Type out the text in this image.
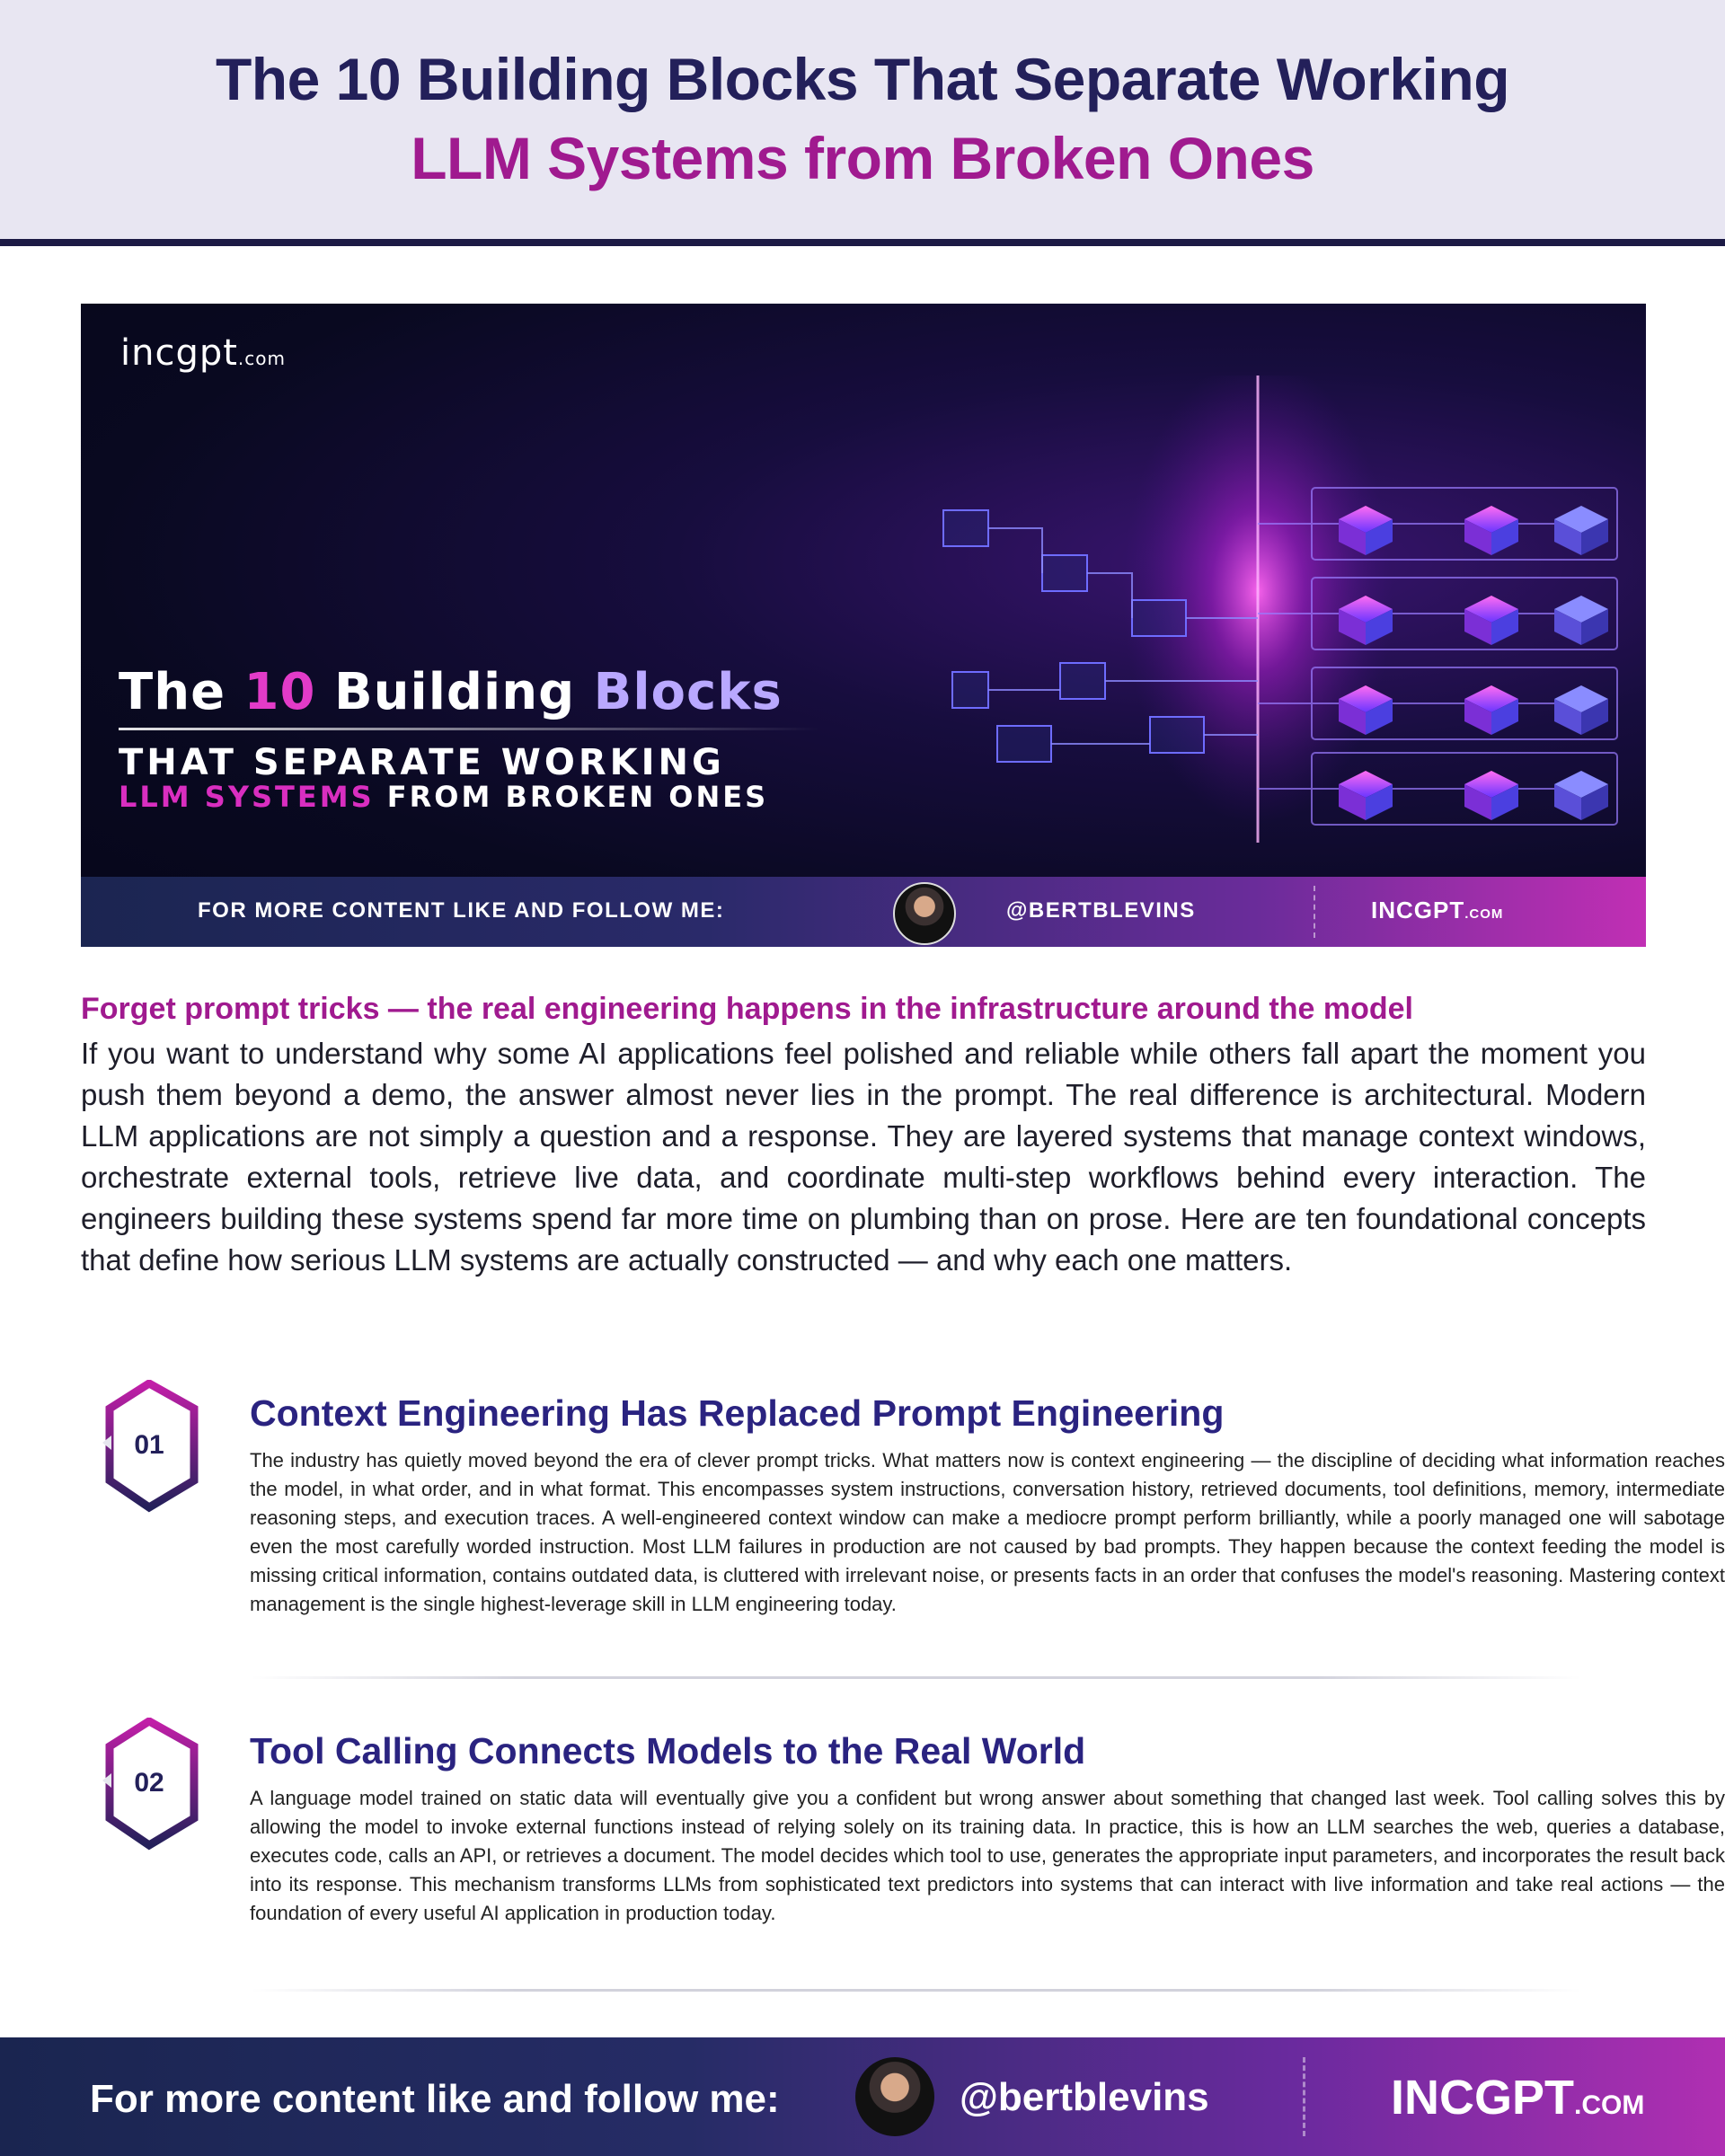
The 10 Building Blocks That Separate Working
LLM Systems from Broken Ones
incgpt.com
The 10 Building Blocks
THAT SEPARATE WORKING
LLM SYSTEMS FROM BROKEN ONES
FOR MORE CONTENT LIKE AND FOLLOW ME:	@BERTBLEVINS	INCGPT.COM
Forget prompt tricks — the real engineering happens in the infrastructure around the model
If you want to understand why some AI applications feel polished and reliable while others fall apart the moment you push them beyond a demo, the answer almost never lies in the prompt. The real difference is architectural. Modern LLM applications are not simply a question and a response. They are layered systems that manage context windows, orchestrate external tools, retrieve live data, and coordinate multi-step workflows behind every interaction. The engineers building these systems spend far more time on plumbing than on prose. Here are ten foundational concepts that define how serious LLM systems are actually constructed — and why each one matters.
01
Context Engineering Has Replaced Prompt Engineering
The industry has quietly moved beyond the era of clever prompt tricks. What matters now is context engineering — the discipline of deciding what information reaches the model, in what order, and in what format. This encompasses system instructions, conversation history, retrieved documents, tool definitions, memory, intermediate reasoning steps, and execution traces. A well-engineered context window can make a mediocre prompt perform brilliantly, while a poorly managed one will sabotage even the most carefully worded instruction. Most LLM failures in production are not caused by bad prompts. They happen because the context feeding the model is missing critical information, contains outdated data, is cluttered with irrelevant noise, or presents facts in an order that confuses the model's reasoning. Mastering context management is the single highest-leverage skill in LLM engineering today.
02
Tool Calling Connects Models to the Real World
A language model trained on static data will eventually give you a confident but wrong answer about something that changed last week. Tool calling solves this by allowing the model to invoke external functions instead of relying solely on its training data. In practice, this is how an LLM searches the web, queries a database, executes code, calls an API, or retrieves a document. The model decides which tool to use, generates the appropriate input parameters, and incorporates the result back into its response. This mechanism transforms LLMs from sophisticated text predictors into systems that can interact with live information and take real actions — the foundation of every useful AI application in production today.
For more content like and follow me:	@bertblevins	INCGPT.COM
